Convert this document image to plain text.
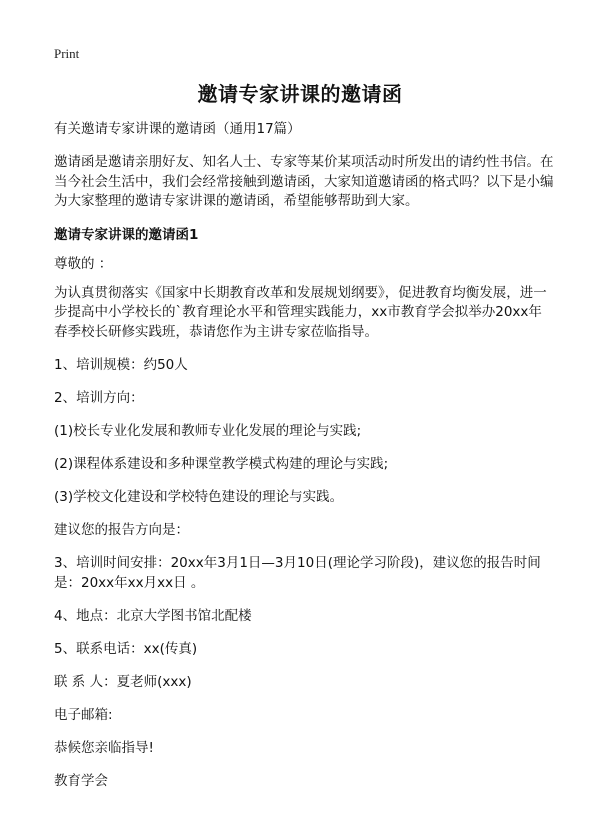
Print
邀请专家讲课的邀请函

有关邀请专家讲课的邀请函（通用17篇）

邀请函是邀请亲朋好友、知名人士、专家等某价某项活动时所发出的请约性书信。在当今社会生活中，我们会经常接触到邀请函，大家知道邀请函的格式吗？以下是小编为大家整理的邀请专家讲课的邀请函，希望能够帮助到大家。

邀请专家讲课的邀请函1

尊敬的 ：

为认真贯彻落实《国家中长期教育改革和发展规划纲要》，促进教育均衡发展，进一步提高中小学校长的`教育理论水平和管理实践能力，xx市教育学会拟举办20xx年春季校长研修实践班，恭请您作为主讲专家莅临指导。

1、培训规模：约50人

2、培训方向：

(1)校长专业化发展和教师专业化发展的理论与实践;

(2)课程体系建设和多种课堂教学模式构建的理论与实践;

(3)学校文化建设和学校特色建设的理论与实践。

建议您的报告方向是：

3、培训时间安排：20xx年3月1日—3月10日(理论学习阶段)，建议您的报告时间是：20xx年xx月xx日 。

4、地点：北京大学图书馆北配楼

5、联系电话：xx(传真)

联 系 人：夏老师(xxx)

电子邮箱:

恭候您亲临指导!

教育学会
